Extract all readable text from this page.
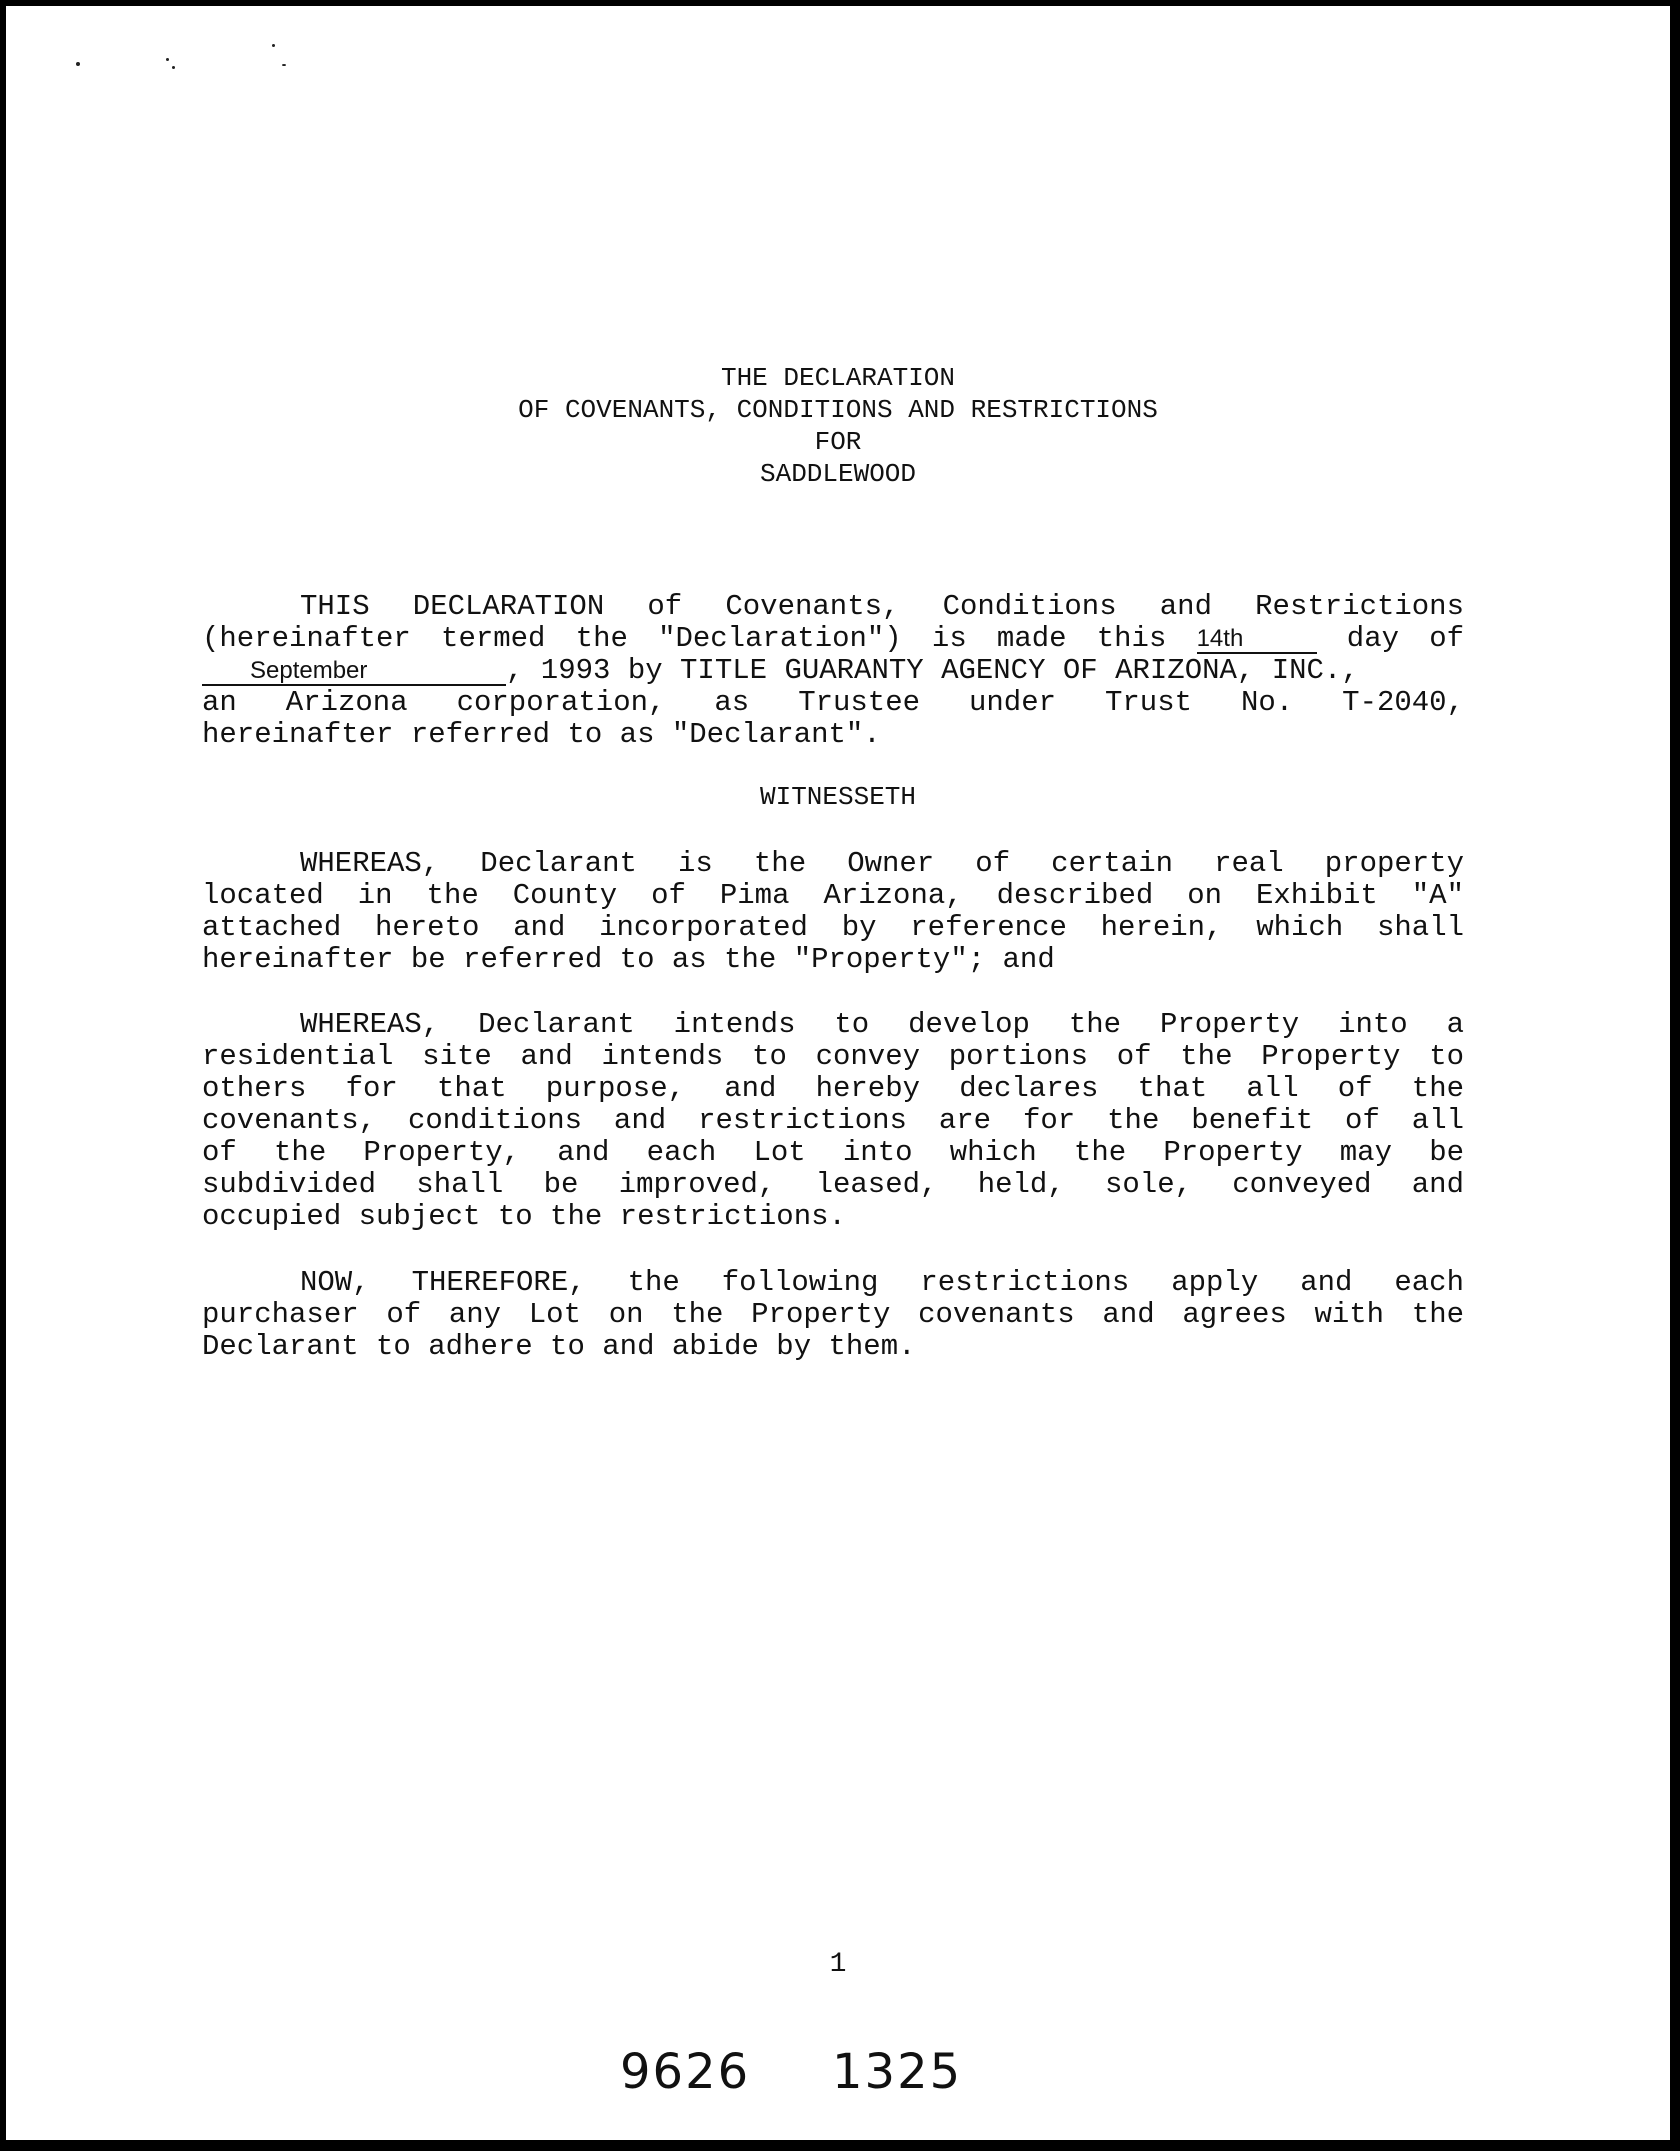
THE DECLARATION
OF COVENANTS, CONDITIONS AND RESTRICTIONS
FOR
SADDLEWOOD
THIS DECLARATION of Covenants, Conditions and Restrictions
(hereinafter termed the "Declaration") is made this 14th	day of
September	, 1993 by TITLE GUARANTY AGENCY OF ARIZONA, INC.,
an Arizona corporation, as Trustee under Trust No. T-2040,
hereinafter referred to as "Declarant".
WITNESSETH
WHEREAS, Declarant is the Owner of certain real property
located in the County of Pima Arizona, described on Exhibit "A"
attached hereto and incorporated by reference herein, which shall
hereinafter be referred to as the "Property"; and
WHEREAS, Declarant intends to develop the Property into a
residential site and intends to convey portions of the Property to
others for that purpose, and hereby declares that all of the
covenants, conditions and restrictions are for the benefit of all
of the Property, and each Lot into which the Property may be
subdivided shall be improved, leased, held, sole, conveyed and
occupied subject to the restrictions.
NOW, THEREFORE, the following restrictions apply and each
purchaser of any Lot on the Property covenants and agrees with the
Declarant to adhere to and abide by them.
1
9626 1325
